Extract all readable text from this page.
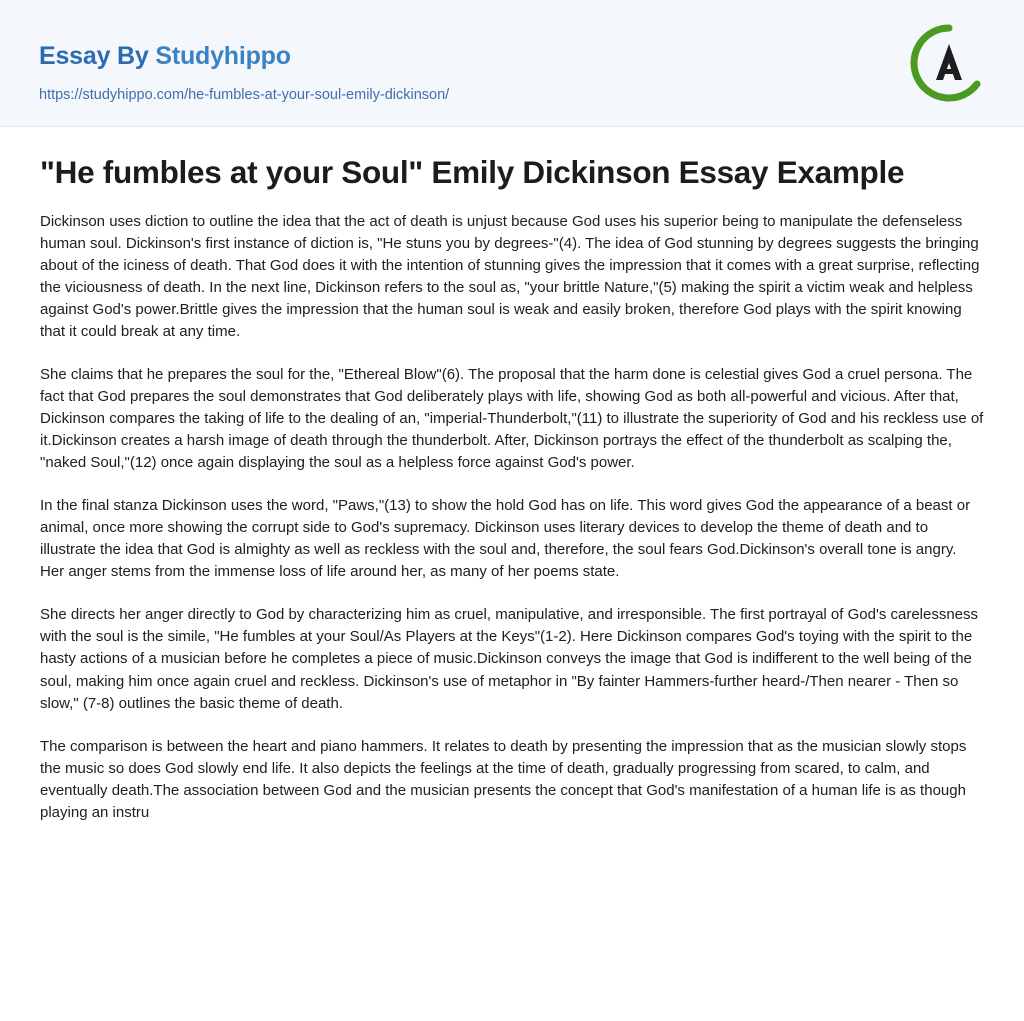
Essay By Studyhippo
https://studyhippo.com/he-fumbles-at-your-soul-emily-dickinson/
"He fumbles at your Soul" Emily Dickinson Essay Example

Dickinson uses diction to outline the idea that the act of death is unjust because God uses his superior being to manipulate the defenseless human soul. Dickinson's first instance of diction is, "He stuns you by degrees-"(4). The idea of God stunning by degrees suggests the bringing about of the iciness of death. That God does it with the intention of stunning gives the impression that it comes with a great surprise, reflecting the viciousness of death. In the next line, Dickinson refers to the soul as, "your brittle Nature,"(5) making the spirit a victim weak and helpless against God's power.Brittle gives the impression that the human soul is weak and easily broken, therefore God plays with the spirit knowing that it could break at any time.

She claims that he prepares the soul for the, "Ethereal Blow"(6). The proposal that the harm done is celestial gives God a cruel persona. The fact that God prepares the soul demonstrates that God deliberately plays with life, showing God as both all-powerful and vicious. After that, Dickinson compares the taking of life to the dealing of an, "imperial-Thunderbolt,"(11) to illustrate the superiority of God and his reckless use of it.Dickinson creates a harsh image of death through the thunderbolt. After, Dickinson portrays the effect of the thunderbolt as scalping the, "naked Soul,"(12) once again displaying the soul as a helpless force against God's power.

In the final stanza Dickinson uses the word, "Paws,"(13) to show the hold God has on life. This word gives God the appearance of a beast or animal, once more showing the corrupt side to God's supremacy. Dickinson uses literary devices to develop the theme of death and to illustrate the idea that God is almighty as well as reckless with the soul and, therefore, the soul fears God.Dickinson's overall tone is angry. Her anger stems from the immense loss of life around her, as many of her poems state.

She directs her anger directly to God by characterizing him as cruel, manipulative, and irresponsible. The first portrayal of God's carelessness with the soul is the simile, "He fumbles at your Soul/As Players at the Keys"(1-2). Here Dickinson compares God's toying with the spirit to the hasty actions of a musician before he completes a piece of music.Dickinson conveys the image that God is indifferent to the well being of the soul, making him once again cruel and reckless. Dickinson's use of metaphor in "By fainter Hammers-further heard-/Then nearer - Then so slow," (7-8) outlines the basic theme of death.

The comparison is between the heart and piano hammers. It relates to death by presenting the impression that as the musician slowly stops the music so does God slowly end life. It also depicts the feelings at the time of death, gradually progressing from scared, to calm, and eventually death.The association between God and the musician presents the concept that God's manifestation of a human life is as though playing an instru
